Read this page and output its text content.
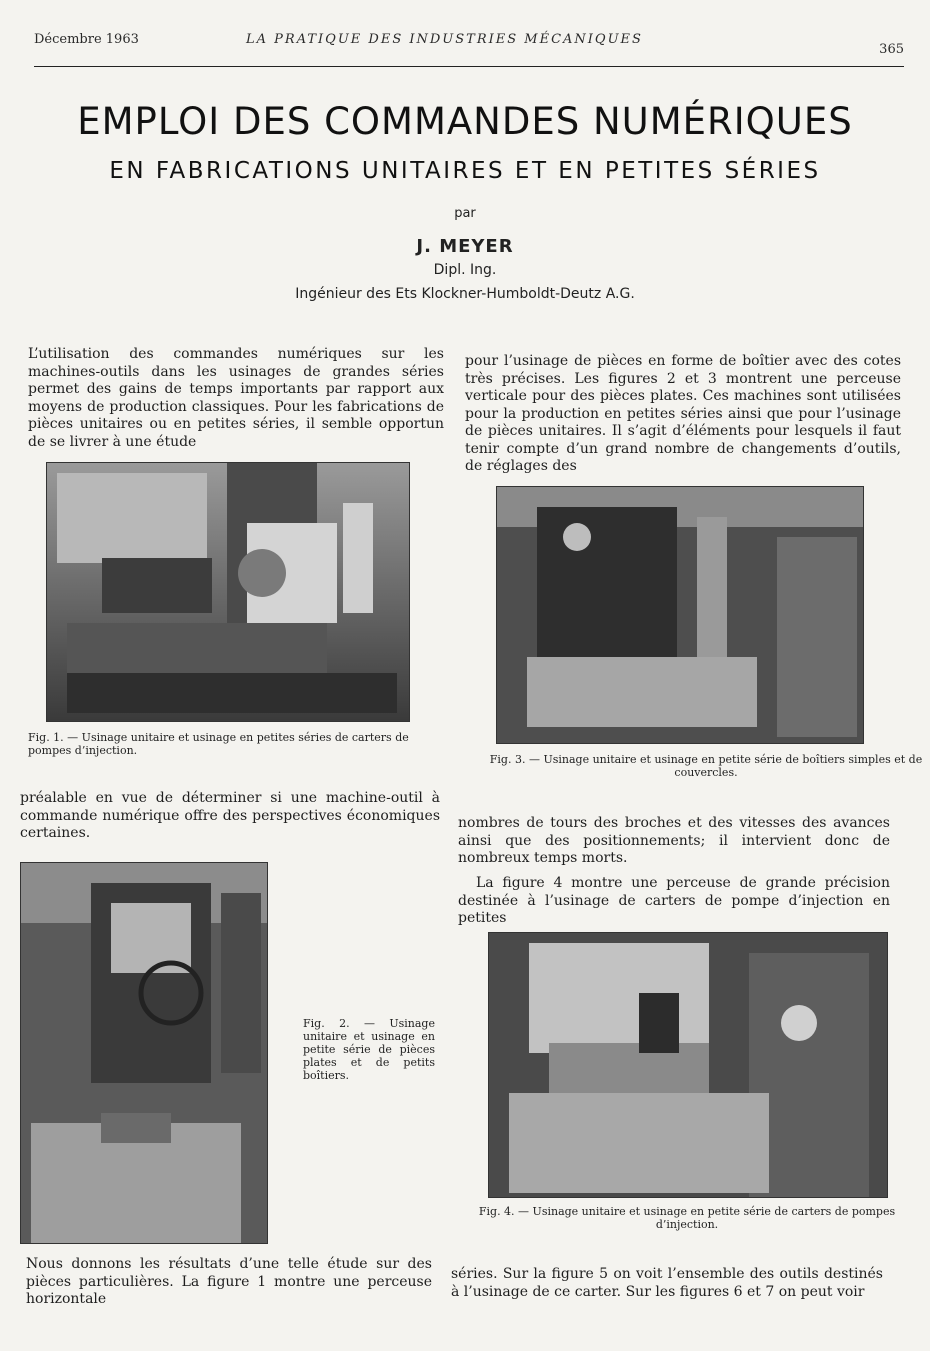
Décembre 1963	LA PRATIQUE DES INDUSTRIES MÉCANIQUES
365
EMPLOI DES COMMANDES NUMÉRIQUES
EN FABRICATIONS UNITAIRES ET EN PETITES SÉRIES
par
J. MEYER
Dipl. Ing.
Ingénieur des Ets Klockner-Humboldt-Deutz A.G.
L’utilisation des commandes numériques sur les machines-outils dans les usinages de grandes séries permet des gains de temps importants par rapport aux moyens de production classiques. Pour les fabrications de pièces unitaires ou en petites séries, il semble opportun de se livrer à une étude
Fig. 1. — Usinage unitaire et usinage en petites séries de carters de pompes d’injection.
préalable en vue de déterminer si une machine-outil à commande numérique offre des perspectives économiques certaines.
Fig. 2. — Usinage unitaire et usinage en petite série de pièces plates et de petits boîtiers.
Nous donnons les résultats d’une telle étude sur des pièces particulières. La figure 1 montre une perceuse horizontale
pour l’usinage de pièces en forme de boîtier avec des cotes très précises. Les figures 2 et 3 montrent une perceuse verticale pour des pièces plates. Ces machines sont utilisées pour la production en petites séries ainsi que pour l’usinage de pièces unitaires. Il s’agit d’éléments pour lesquels il faut tenir compte d’un grand nombre de changements d’outils, de réglages des
Fig. 3. — Usinage unitaire et usinage en petite série de boîtiers simples et de couvercles.
nombres de tours des broches et des vitesses des avances ainsi que des positionnements; il intervient donc de nombreux temps morts.
La figure 4 montre une perceuse de grande précision destinée à l’usinage de carters de pompe d’injection en petites
Fig. 4. — Usinage unitaire et usinage en petite série de carters de pompes d’injection.
séries. Sur la figure 5 on voit l’ensemble des outils destinés à l’usinage de ce carter. Sur les figures 6 et 7 on peut voir
